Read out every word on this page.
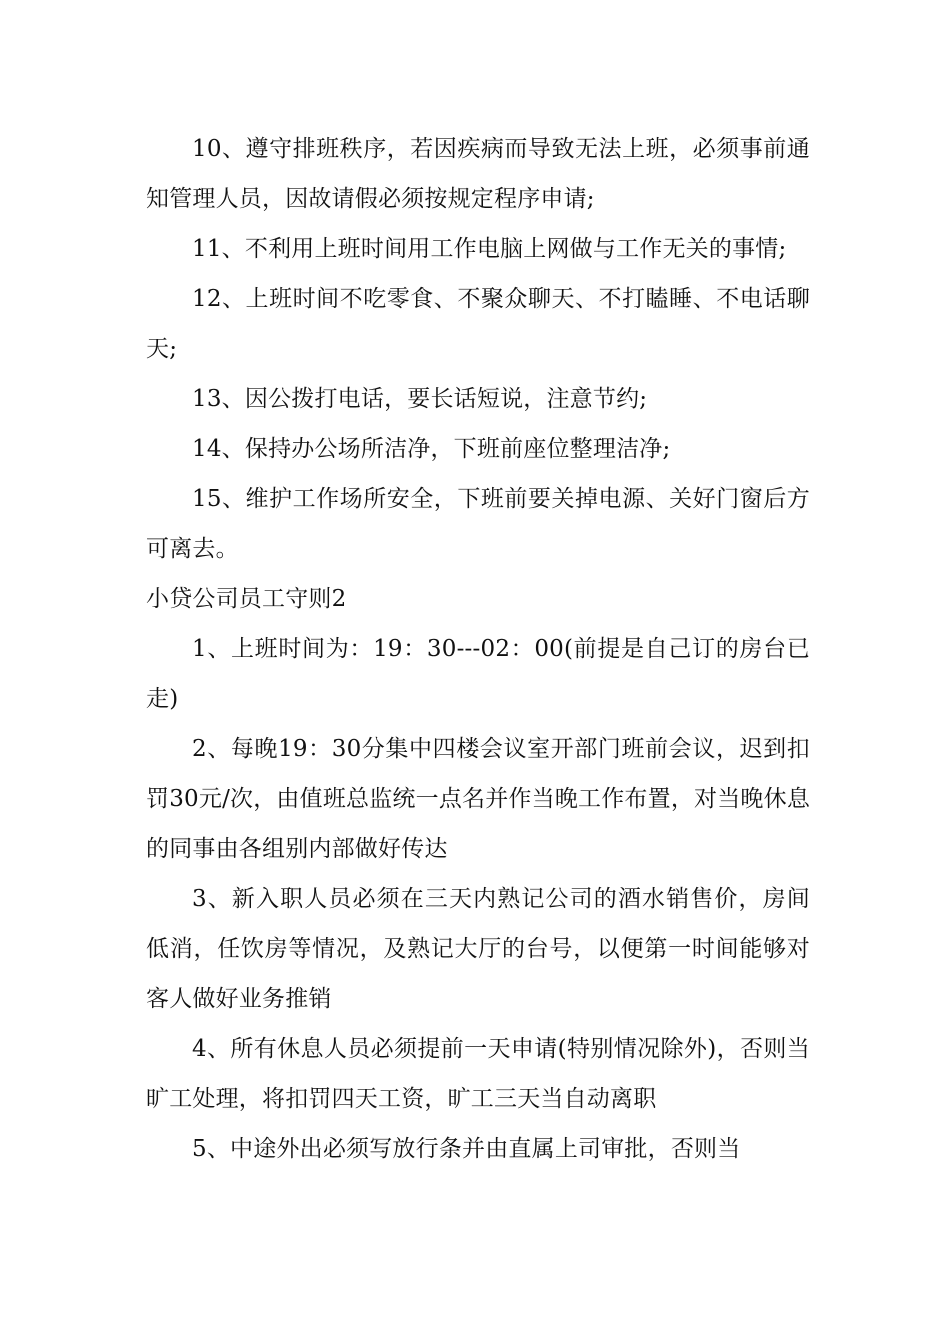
10、遵守排班秩序，若因疾病而导致无法上班，必须事前通知管理人员，因故请假必须按规定程序申请;

11、不利用上班时间用工作电脑上网做与工作无关的事情;

12、上班时间不吃零食、不聚众聊天、不打瞌睡、不电话聊天;

13、因公拨打电话，要长话短说，注意节约;

14、保持办公场所洁净，下班前座位整理洁净;

15、维护工作场所安全，下班前要关掉电源、关好门窗后方可离去。

小贷公司员工守则2

1、上班时间为：19：30---02：00(前提是自己订的房台已走)

2、每晚19：30分集中四楼会议室开部门班前会议，迟到扣罚30元/次，由值班总监统一点名并作当晚工作布置，对当晚休息的同事由各组别内部做好传达

3、新入职人员必须在三天内熟记公司的酒水销售价，房间低消，任饮房等情况，及熟记大厅的台号，以便第一时间能够对客人做好业务推销

4、所有休息人员必须提前一天申请(特别情况除外)，否则当旷工处理，将扣罚四天工资，旷工三天当自动离职

5、中途外出必须写放行条并由直属上司审批，否则当
